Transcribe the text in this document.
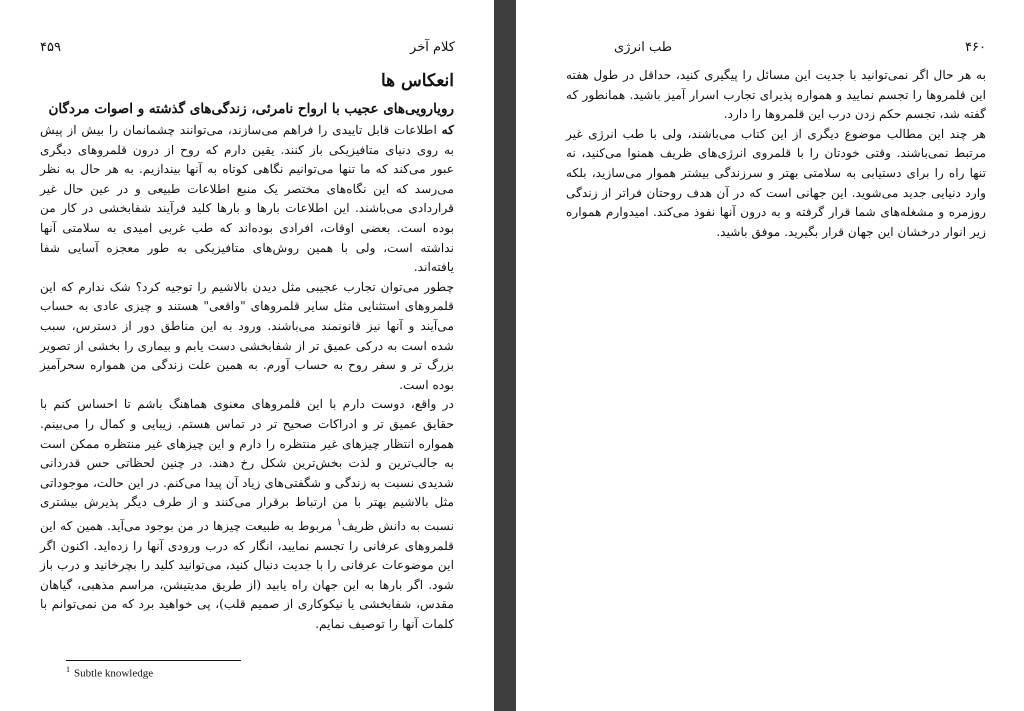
۴۵۹	کلام آخر
انعکاس ها
رویارویی‌های عجیب با ارواح نامرئی، زندگی‌های گذشته و اصوات مردگان

که اطلاعات قابل تاییدی را فراهم می‌سازند، می‌توانند چشمانمان را بیش از پیش به روی دنیای متافیزیکی باز کنند. یقین دارم که روح از درون قلمروهای دیگری عبور می‌کند که ما تنها می‌توانیم نگاهی کوتاه به آنها بیندازیم. به هر حال به نظر می‌رسد که این نگاه‌های مختصر یک منبع اطلاعات طبیعی و در عین حال غیر قراردادی می‌باشند. این اطلاعات بارها و بارها کلید فرآیند شفابخشی در کار من بوده است. بعضی اوقات، افرادی بوده‌اند که طب غربی امیدی به سلامتی آنها نداشته است، ولی با همین روش‌های متافیزیکی به طور معجزه آسایی شفا یافته‌اند.

چطور می‌توان تجارب عجیبی مثل دیدن بالاشیم را توجیه کرد؟ شک ندارم که این قلمروهای استثنایی مثل سایر قلمروهای "واقعی" هستند و چیزی عادی به حساب می‌آیند و آنها نیز قانونمند می‌باشند. ورود به این مناطق دور از دسترس، سبب شده است به درکی عمیق تر از شفابخشی دست یابم و بیماری را بخشی از تصویر بزرگ تر و سفر روح به حساب آورم. به همین علت زندگی من همواره سحرآمیز بوده است.

در واقع، دوست دارم با این قلمروهای معنوی هماهنگ باشم تا احساس کنم با حقایق عمیق تر و ادراکات صحیح تر در تماس هستم. زیبایی و کمال را می‌بینم. همواره انتظار چیزهای غیر منتظره را دارم و این چیزهای غیر منتظره ممکن است به جالب‌ترین و لذت بخش‌ترین شکل رخ دهند. در چنین لحظاتی حس قدردانی شدیدی نسبت به زندگی و شگفتی‌های زیاد آن پیدا می‌کنم. در این حالت، موجوداتی مثل بالاشیم بهتر با من ارتباط برقرار می‌کنند و از طرف دیگر پذیرش بیشتری نسبت به دانش ظریف$^۱$ مربوط به طبیعت چیزها در من بوجود می‌آید. همین که این قلمروهای عرفانی را تجسم نمایید، انگار که درب ورودی آنها را زده‌اید. اکنون اگر این موضوعات عرفانی را با جدیت دنبال کنید، می‌توانید کلید را بچرخانید و درب باز شود. اگر بارها به این جهان راه یابید (از طریق مدیتیشن، مراسم مذهبی، گیاهان مقدس، شفابخشی یا نیکوکاری از صمیم قلب)، پی خواهید برد که من نمی‌توانم با کلمات آنها را توصیف نمایم.

$^1$ Subtle knowledge
طب انرژی	۴۶۰

به هر حال اگر نمی‌توانید با جدیت این مسائل را پیگیری کنید، حداقل در طول هفته این قلمروها را تجسم نمایید و همواره پذیرای تجارب اسرار آمیز باشید. همانطور که گفته شد، تجسم حکم زدن درب این قلمروها را دارد.

هر چند این مطالب موضوع دیگری از این کتاب می‌باشند، ولی با طب انرژی غیر مرتبط نمی‌باشند. وقتی خودتان را با قلمروی انرژی‌های ظریف همنوا می‌کنید، نه تنها راه را برای دستیابی به سلامتی بهتر و سرزندگی بیشتر هموار می‌سازید، بلکه وارد دنیایی جدید می‌شوید. این جهانی است که در آن هدف روحتان فراتر از زندگی روزمره و مشغله‌های شما قرار گرفته و به درون آنها نفوذ می‌کند. امیدوارم همواره زیر انوار درخشان این جهان قرار بگیرید. موفق باشید.
